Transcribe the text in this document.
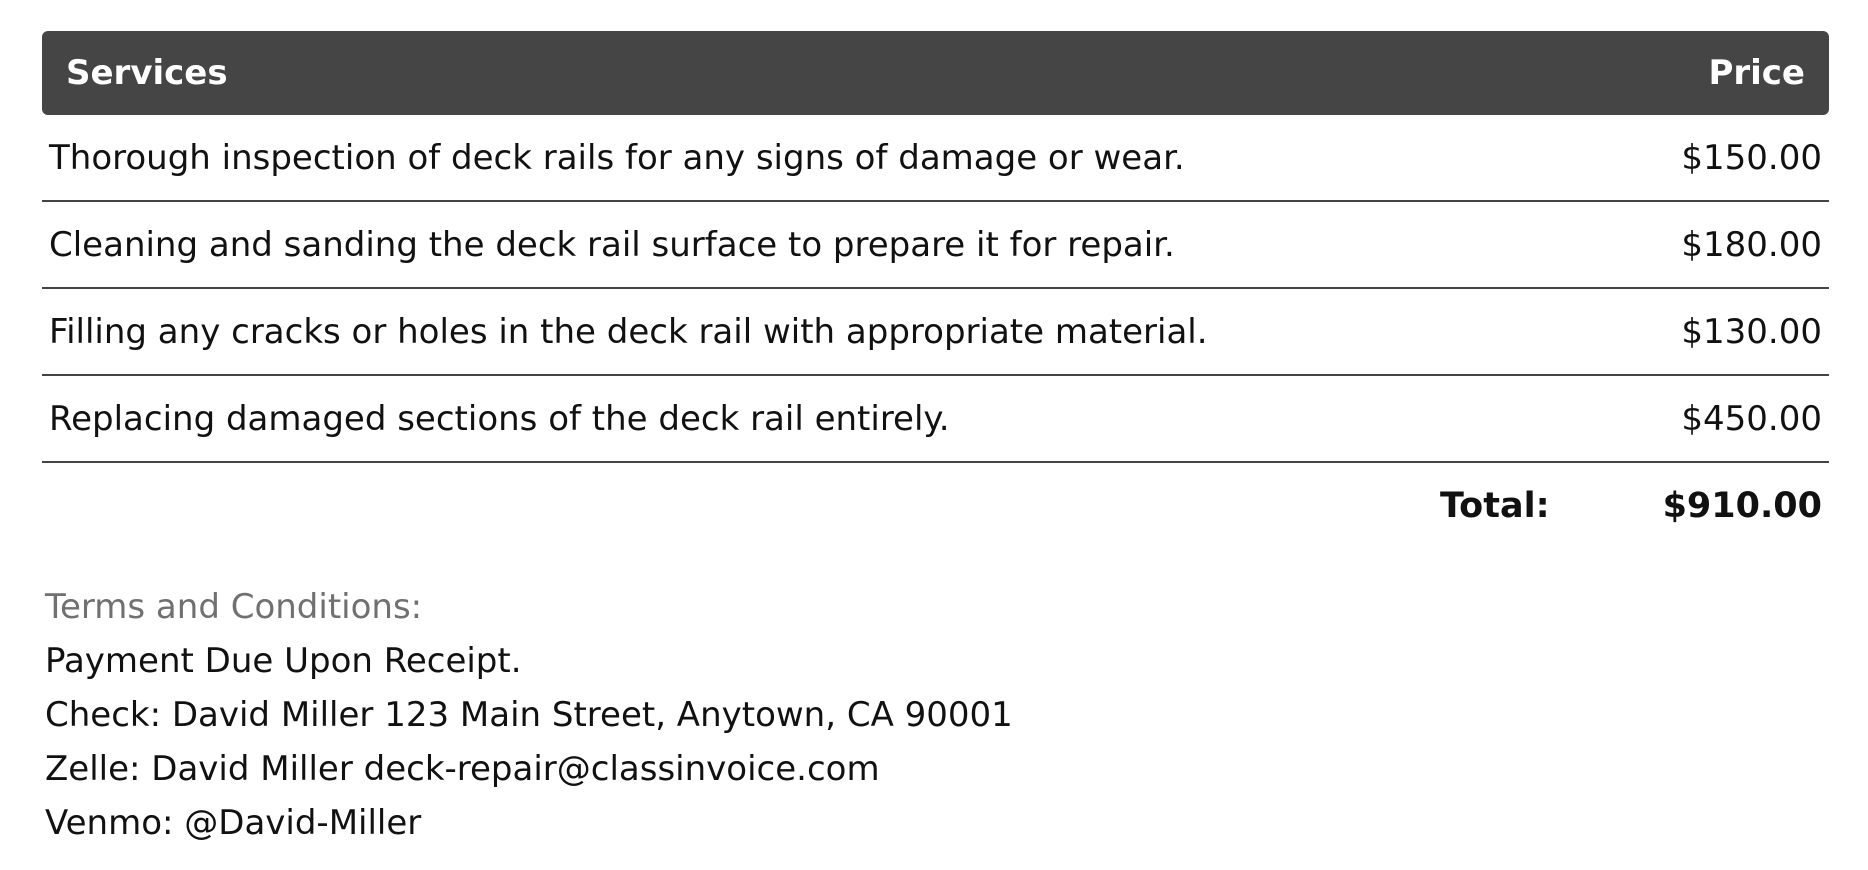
Services	Price
Thorough inspection of deck rails for any signs of damage or wear.	$150.00
Cleaning and sanding the deck rail surface to prepare it for repair.	$180.00
Filling any cracks or holes in the deck rail with appropriate material.	$130.00
Replacing damaged sections of the deck rail entirely.	$450.00
Total:	$910.00
Terms and Conditions:
Payment Due Upon Receipt.
Check: David Miller 123 Main Street, Anytown, CA 90001
Zelle: David Miller deck-repair@classinvoice.com
Venmo: @David-Miller
